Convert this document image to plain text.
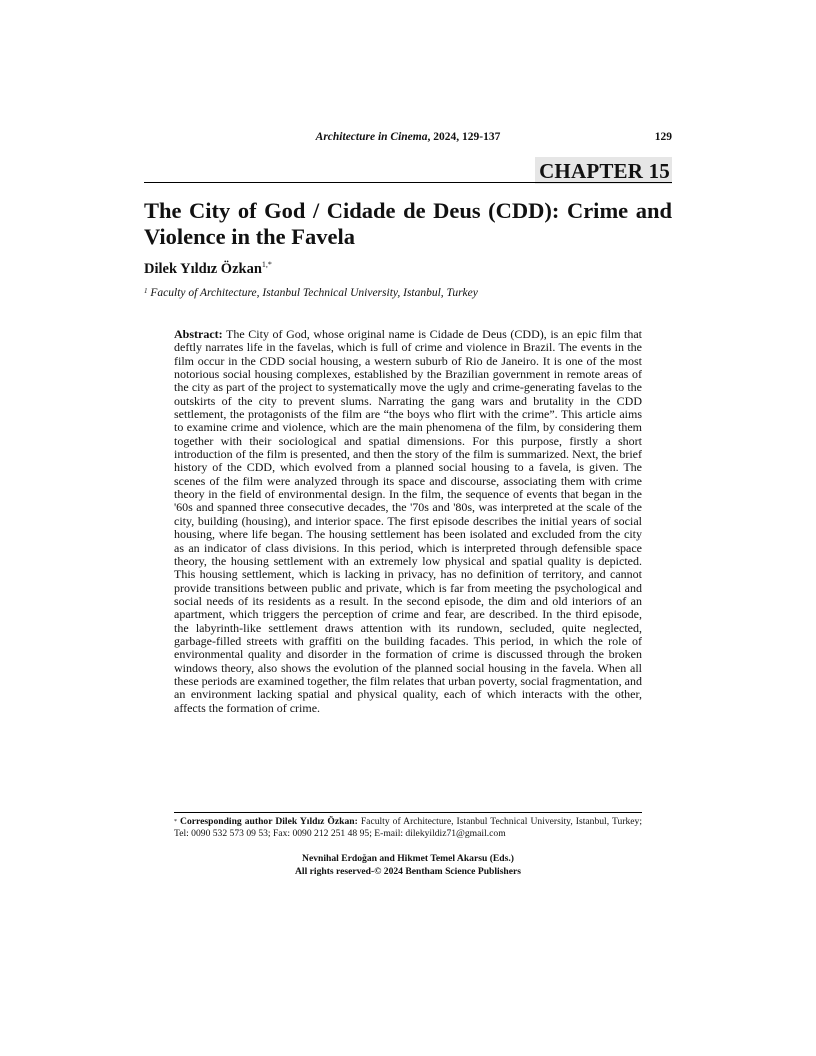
Architecture in Cinema, 2024, 129-137	129
CHAPTER 15
The City of God / Cidade de Deus (CDD): Crime and Violence in the Favela
Dilek Yıldız Özkan$^{1,*}$
$^1$ Faculty of Architecture, Istanbul Technical University, Istanbul, Turkey

Abstract: The City of God, whose original name is Cidade de Deus (CDD), is an epic film that deftly narrates life in the favelas, which is full of crime and violence in Brazil. The events in the film occur in the CDD social housing, a western suburb of Rio de Janeiro. It is one of the most notorious social housing complexes, established by the Brazilian government in remote areas of the city as part of the project to systematically move the ugly and crime-generating favelas to the outskirts of the city to prevent slums. Narrating the gang wars and brutality in the CDD settlement, the protagonists of the film are “the boys who flirt with the crime”. This article aims to examine crime and violence, which are the main phenomena of the film, by considering them together with their sociological and spatial dimensions. For this purpose, firstly a short introduction of the film is presented, and then the story of the film is summarized. Next, the brief history of the CDD, which evolved from a planned social housing to a favela, is given. The scenes of the film were analyzed through its space and discourse, associating them with crime theory in the field of environmental design. In the film, the sequence of events that began in the '60s and spanned three consecutive decades, the '70s and '80s, was interpreted at the scale of the city, building (housing), and interior space. The first episode describes the initial years of social housing, where life began. The housing settlement has been isolated and excluded from the city as an indicator of class divisions. In this period, which is interpreted through defensible space theory, the housing settlement with an extremely low physical and spatial quality is depicted. This housing settlement, which is lacking in privacy, has no definition of territory, and cannot provide transitions between public and private, which is far from meeting the psychological and social needs of its residents as a result. In the second episode, the dim and old interiors of an apartment, which triggers the perception of crime and fear, are described. In the third episode, the labyrinth-like settlement draws attention with its rundown, secluded, quite neglected, garbage-filled streets with graffiti on the building facades. This period, in which the role of environmental quality and disorder in the formation of crime is discussed through the broken windows theory, also shows the evolution of the planned social housing in the favela. When all these periods are examined together, the film relates that urban poverty, social fragmentation, and an environment lacking spatial and physical quality, each of which interacts with the other, affects the formation of crime.

* Corresponding author Dilek Yıldız Özkan: Faculty of Architecture, Istanbul Technical University, Istanbul, Turkey; Tel: 0090 532 573 09 53; Fax: 0090 212 251 48 95; E-mail: dilekyildiz71@gmail.com

Nevnihal Erdoğan and Hikmet Temel Akarsu (Eds.)
All rights reserved-© 2024 Bentham Science Publishers
